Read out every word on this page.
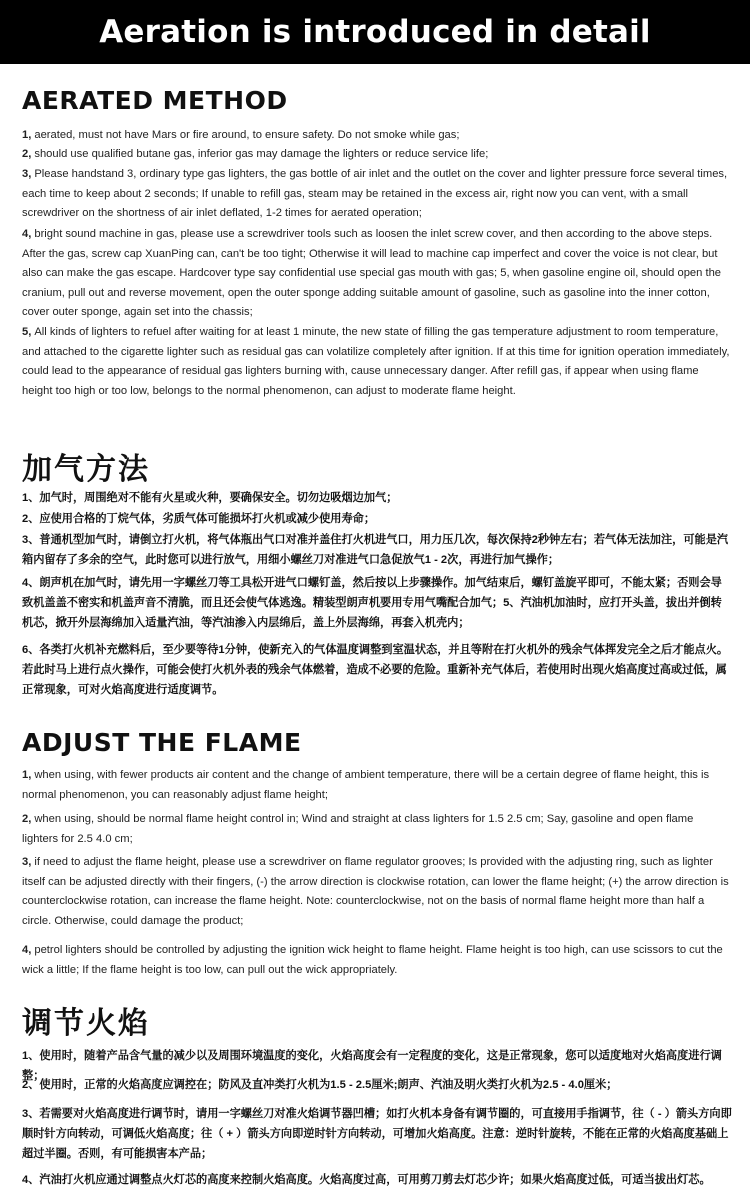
Aeration is introduced in detail
AERATED METHOD

1, aerated, must not have Mars or fire around, to ensure safety. Do not smoke while gas;

2, should use qualified butane gas, inferior gas may damage the lighters or reduce service life;

3, Please handstand 3, ordinary type gas lighters, the gas bottle of air inlet and the outlet on the cover and lighter pressure force several times, each time to keep about 2 seconds; If unable to refill gas, steam may be retained in the excess air, right now you can vent, with a small screwdriver on the shortness of air inlet deflated, 1-2 times for aerated operation;

4, bright sound machine in gas, please use a screwdriver tools such as loosen the inlet screw cover, and then according to the above steps. After the gas, screw cap XuanPing can, can't be too tight; Otherwise it will lead to machine cap imperfect and cover the voice is not clear, but also can make the gas escape. Hardcover type say confidential use special gas mouth with gas; 5, when gasoline engine oil, should open the cranium, pull out and reverse movement, open the outer sponge adding suitable amount of gasoline, such as gasoline into the inner cotton, cover outer sponge, again set into the chassis;

5, All kinds of lighters to refuel after waiting for at least 1 minute, the new state of filling the gas temperature adjustment to room temperature, and attached to the cigarette lighter such as residual gas can volatilize completely after ignition. If at this time for ignition operation immediately, could lead to the appearance of residual gas lighters burning with, cause unnecessary danger. After refill gas, if appear when using flame height too high or too low, belongs to the normal phenomenon, can adjust to moderate flame height.

加气方法

1、加气时，周围绝对不能有火星或火种，要确保安全。切勿边吸烟边加气；

2、应使用合格的丁烷气体，劣质气体可能损坏打火机或减少使用寿命；

3、普通机型加气时，请倒立打火机，将气体瓶出气口对准并盖住打火机进气口，用力压几次，每次保持2秒钟左右；若气体无法加注，可能是汽箱内留存了多余的空气，此时您可以进行放气，用细小螺丝刀对准进气口急促放气1 - 2次，再进行加气操作；

4、朗声机在加气时，请先用一字螺丝刀等工具松开进气口螺钉盖，然后按以上步骤操作。加气结束后，螺钉盖旋平即可，不能太紧；否则会导致机盖盖不密实和机盖声音不清脆，而且还会使气体逃逸。精装型朗声机要用专用气嘴配合加气；5、汽油机加油时，应打开头盖，拔出并倒转机芯，掀开外层海绵加入适量汽油，等汽油渗入内层绵后，盖上外层海绵，再套入机壳内；

6、各类打火机补充燃料后，至少要等待1分钟，使新充入的气体温度调整到室温状态，并且等附在打火机外的残余气体挥发完全之后才能点火。若此时马上进行点火操作，可能会使打火机外表的残余气体燃着，造成不必要的危险。重新补充气体后，若使用时出现火焰高度过高或过低，属正常现象，可对火焰高度进行适度调节。

ADJUST THE FLAME

1, when using, with fewer products air content and the change of ambient temperature, there will be a certain degree of flame height, this is normal phenomenon, you can reasonably adjust flame height;

2, when using, should be normal flame height control in; Wind and straight at class lighters for 1.5 2.5 cm; Say, gasoline and open flame lighters for 2.5 4.0 cm;

3, if need to adjust the flame height, please use a screwdriver on flame regulator grooves; Is provided with the adjusting ring, such as lighter itself can be adjusted directly with their fingers, (-) the arrow direction is clockwise rotation, can lower the flame height; (+) the arrow direction is counterclockwise rotation, can increase the flame height. Note: counterclockwise, not on the basis of normal flame height more than half a circle. Otherwise, could damage the product;

4, petrol lighters should be controlled by adjusting the ignition wick height to flame height. Flame height is too high, can use scissors to cut the wick a little; If the flame height is too low, can pull out the wick appropriately.

调节火焰

1、使用时，随着产品含气量的减少以及周围环境温度的变化，火焰高度会有一定程度的变化，这是正常现象，您可以适度地对火焰高度进行调整；

2、使用时，正常的火焰高度应调控在；防风及直冲类打火机为1.5 - 2.5厘米;朗声、汽油及明火类打火机为2.5 - 4.0厘米；

3、若需要对火焰高度进行调节时，请用一字螺丝刀对准火焰调节器凹槽；如打火机本身备有调节圈的，可直接用手指调节，往（ - ）箭头方向即顺时针方向转动，可调低火焰高度；往（ + ）箭头方向即逆时针方向转动，可增加火焰高度。注意：逆时针旋转，不能在正常的火焰高度基础上超过半圈。否则，有可能损害本产品；

4、汽油打火机应通过调整点火灯芯的高度来控制火焰高度。火焰高度过高，可用剪刀剪去灯芯少许；如果火焰高度过低，可适当拔出灯芯。
